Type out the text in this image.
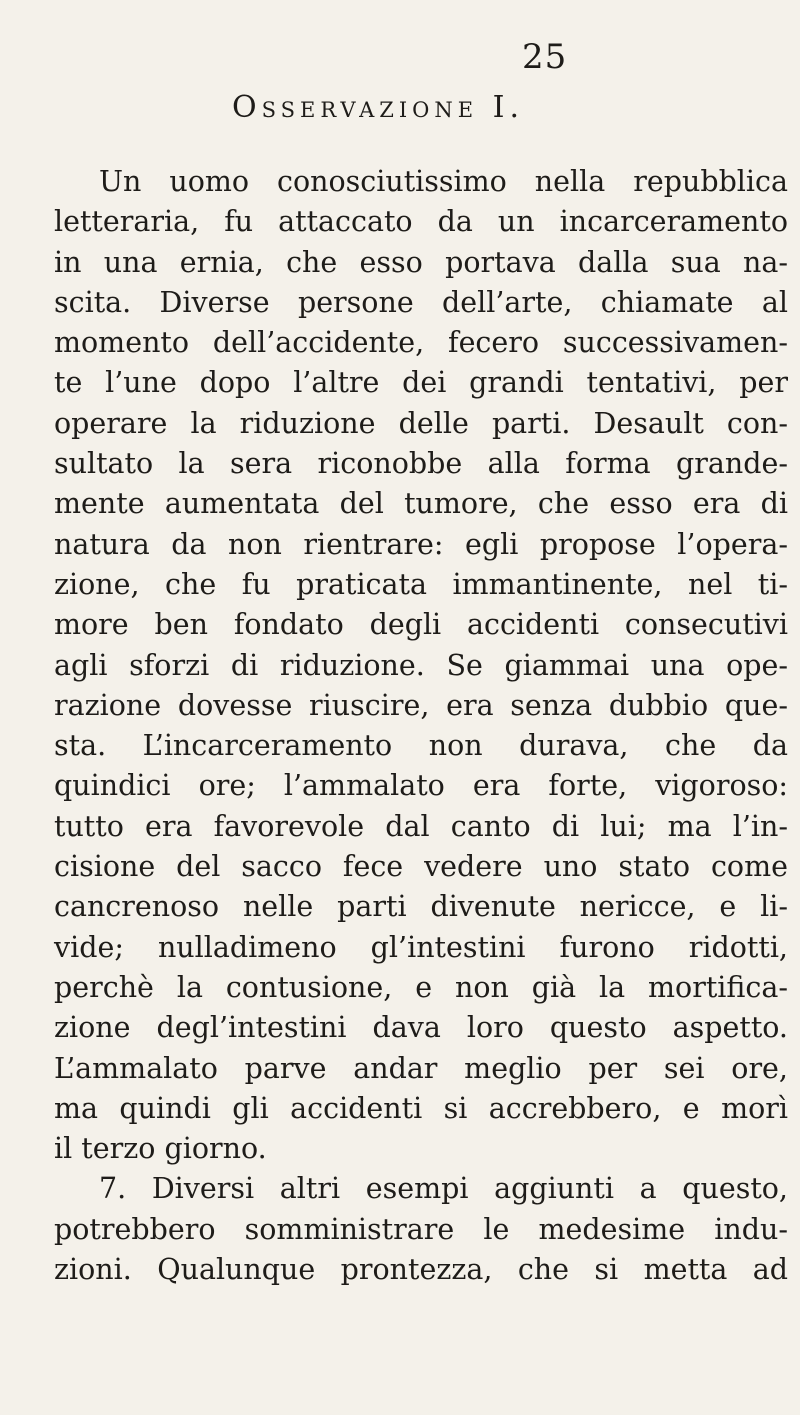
25
Osservazione I.
Un uomo conosciutissimo nella repubblica
letteraria, fu attaccato da un incarceramento
in una ernia, che esso portava dalla sua na-
scita. Diverse persone dell’arte, chiamate al
momento dell’accidente, fecero successivamen-
te l’une dopo l’altre dei grandi tentativi, per
operare la riduzione delle parti. Desault con-
sultato la sera riconobbe alla forma grande-
mente aumentata del tumore, che esso era di
natura da non rientrare: egli propose l’opera-
zione, che fu praticata immantinente, nel ti-
more ben fondato degli accidenti consecutivi
agli sforzi di riduzione. Se giammai una ope-
razione dovesse riuscire, era senza dubbio que-
sta. L’incarceramento non durava, che da
quindici ore; l’ammalato era forte, vigoroso:
tutto era favorevole dal canto di lui; ma l’in-
cisione del sacco fece vedere uno stato come
cancrenoso nelle parti divenute nericce, e li-
vide; nulladimeno gl’intestini furono ridotti,
perchè la contusione, e non già la mortifica-
zione degl’intestini dava loro questo aspetto.
L’ammalato parve andar meglio per sei ore,
ma quindi gli accidenti si accrebbero, e morì
il terzo giorno.
7. Diversi altri esempi aggiunti a questo,
potrebbero somministrare le medesime indu-
zioni. Qualunque prontezza, che si metta ad
